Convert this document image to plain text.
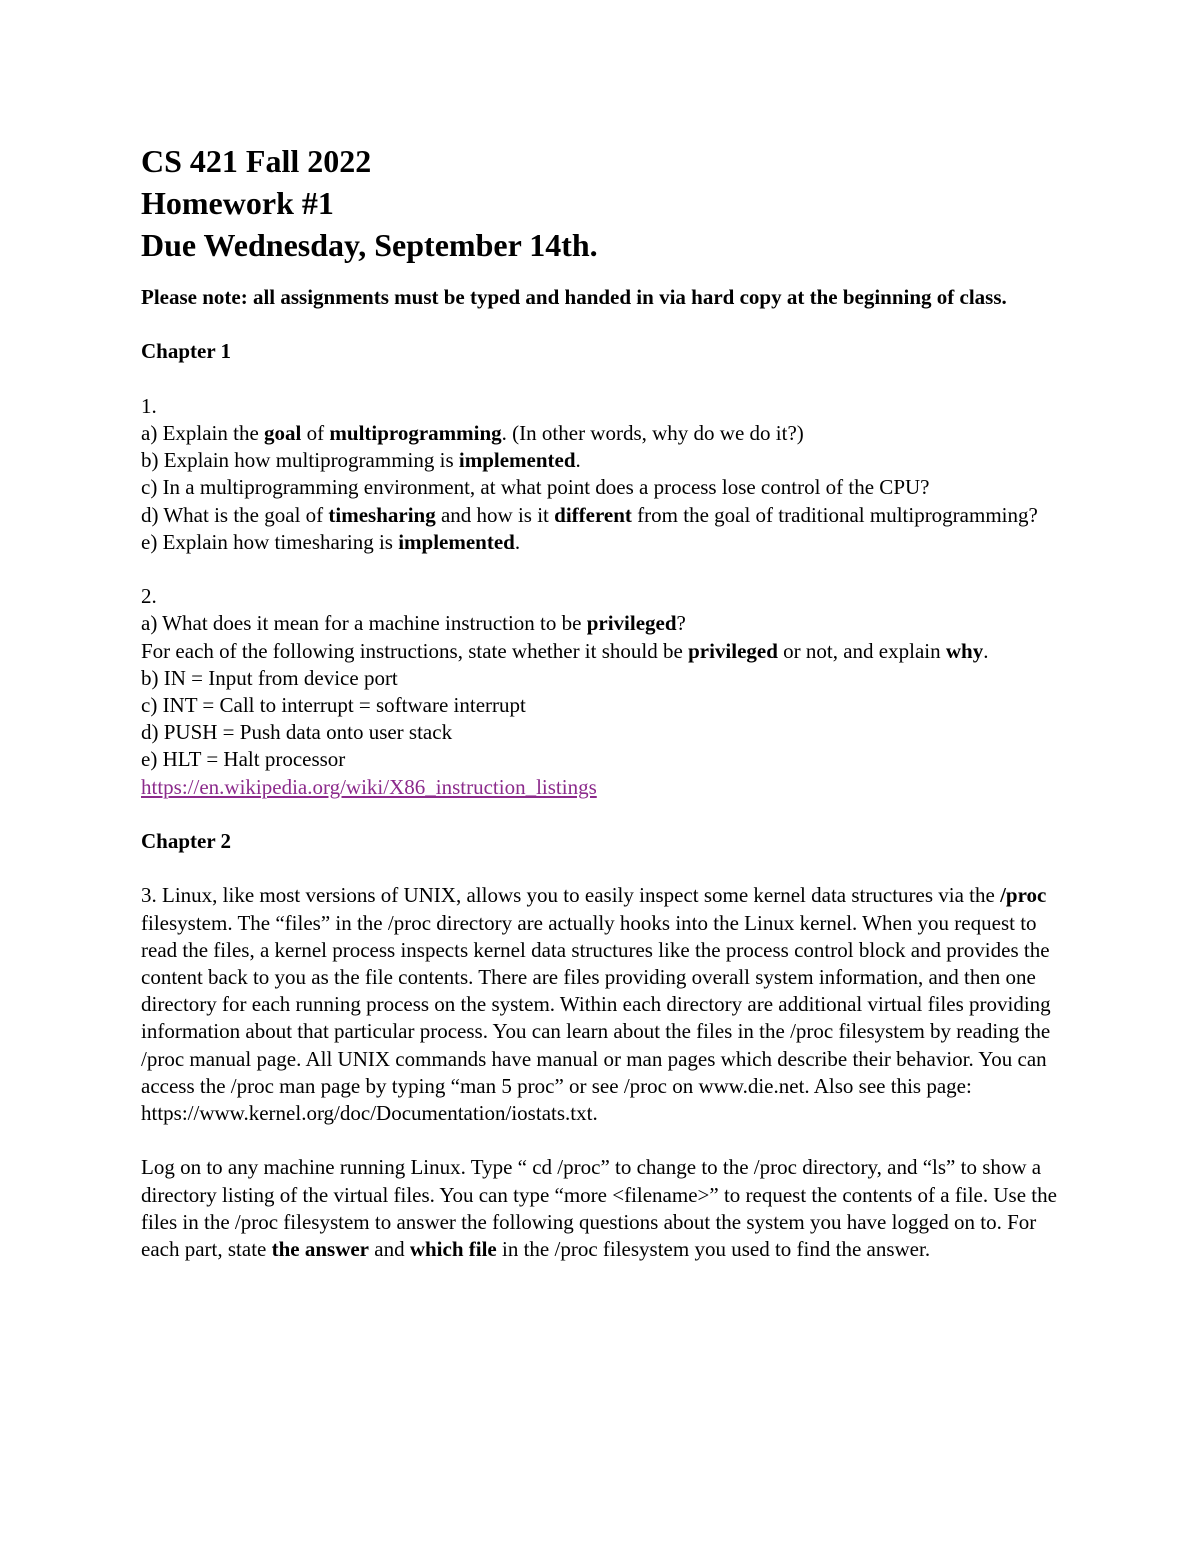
CS 421 Fall 2022

Homework #1

Due Wednesday, September 14th.

Please note: all assignments must be typed and handed in via hard copy at the beginning of class.

Chapter 1

1.

a) Explain the goal of multiprogramming. (In other words, why do we do it?)

b) Explain how multiprogramming is implemented.

c) In a multiprogramming environment, at what point does a process lose control of the CPU?

d) What is the goal of timesharing and how is it different from the goal of traditional multiprogramming?

e) Explain how timesharing is implemented.

2.

a) What does it mean for a machine instruction to be privileged?

For each of the following instructions, state whether it should be privileged or not, and explain why.

b) IN = Input from device port

c) INT = Call to interrupt = software interrupt

d) PUSH = Push data onto user stack

e) HLT = Halt processor

https://en.wikipedia.org/wiki/X86_instruction_listings

Chapter 2

3. Linux, like most versions of UNIX, allows you to easily inspect some kernel data structures via the /proc filesystem. The “files” in the /proc directory are actually hooks into the Linux kernel. When you request to read the files, a kernel process inspects kernel data structures like the process control block and provides the content back to you as the file contents. There are files providing overall system information, and then one directory for each running process on the system. Within each directory are additional virtual files providing information about that particular process. You can learn about the files in the /proc filesystem by reading the /proc manual page. All UNIX commands have manual or man pages which describe their behavior. You can access the /proc man page by typing “man 5 proc” or see /proc on www.die.net. Also see this page: https://www.kernel.org/doc/Documentation/iostats.txt.

Log on to any machine running Linux. Type “ cd /proc” to change to the /proc directory, and “ls” to show a directory listing of the virtual files. You can type “more <filename>” to request the contents of a file. Use the files in the /proc filesystem to answer the following questions about the system you have logged on to. For each part, state the answer and which file in the /proc filesystem you used to find the answer.
